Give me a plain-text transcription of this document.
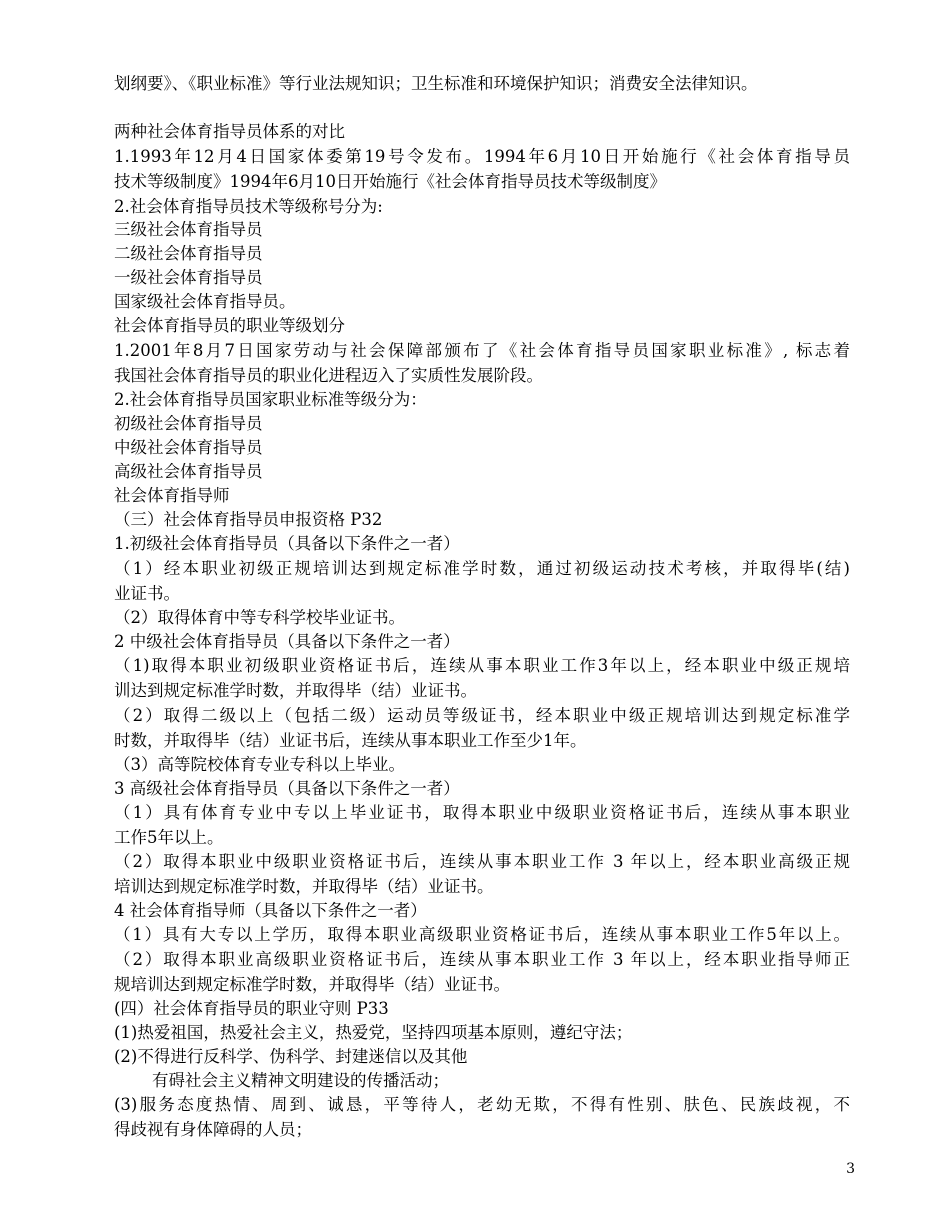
划纲要》、《职业标准》等行业法规知识；卫生标准和环境保护知识；消费安全法律知识。
两种社会体育指导员体系的对比
1.1993年12月4日国家体委第19号令发布。1994年6月10日开始施行《社会体育指导员
技术等级制度》1994年6月10日开始施行《社会体育指导员技术等级制度》
2.社会体育指导员技术等级称号分为:
三级社会体育指导员
二级社会体育指导员
一级社会体育指导员
国家级社会体育指导员。
社会体育指导员的职业等级划分
1.2001年8月7日国家劳动与社会保障部颁布了《社会体育指导员国家职业标准》, 标志着
我国社会体育指导员的职业化进程迈入了实质性发展阶段。
2.社会体育指导员国家职业标准等级分为：
初级社会体育指导员
中级社会体育指导员
高级社会体育指导员
社会体育指导师
（三）社会体育指导员申报资格 P32
1.初级社会体育指导员（具备以下条件之一者）
（1）经本职业初级正规培训达到规定标准学时数，通过初级运动技术考核，并取得毕(结)
业证书。
（2）取得体育中等专科学校毕业证书。
2 中级社会体育指导员（具备以下条件之一者）
（1)取得本职业初级职业资格证书后，连续从事本职业工作3年以上，经本职业中级正规培
训达到规定标准学时数，并取得毕（结）业证书。
（2）取得二级以上（包括二级）运动员等级证书，经本职业中级正规培训达到规定标准学
时数，并取得毕（结）业证书后，连续从事本职业工作至少1年。
（3）高等院校体育专业专科以上毕业。
3 高级社会体育指导员（具备以下条件之一者）
（1）具有体育专业中专以上毕业证书，取得本职业中级职业资格证书后，连续从事本职业
工作5年以上。
（2）取得本职业中级职业资格证书后，连续从事本职业工作 3 年以上，经本职业高级正规
培训达到规定标准学时数，并取得毕（结）业证书。
4 社会体育指导师（具备以下条件之一者）
（1）具有大专以上学历，取得本职业高级职业资格证书后，连续从事本职业工作5年以上。
（2）取得本职业高级职业资格证书后，连续从事本职业工作 3 年以上，经本职业指导师正
规培训达到规定标准学时数，并取得毕（结）业证书。
(四）社会体育指导员的职业守则 P33
(1)热爱祖国，热爱社会主义，热爱党，坚持四项基本原则，遵纪守法；
(2)不得进行反科学、伪科学、封建迷信以及其他
有碍社会主义精神文明建设的传播活动；
(3)服务态度热情、周到、诚恳，平等待人，老幼无欺，不得有性别、肤色、民族歧视，不
得歧视有身体障碍的人员；
3
